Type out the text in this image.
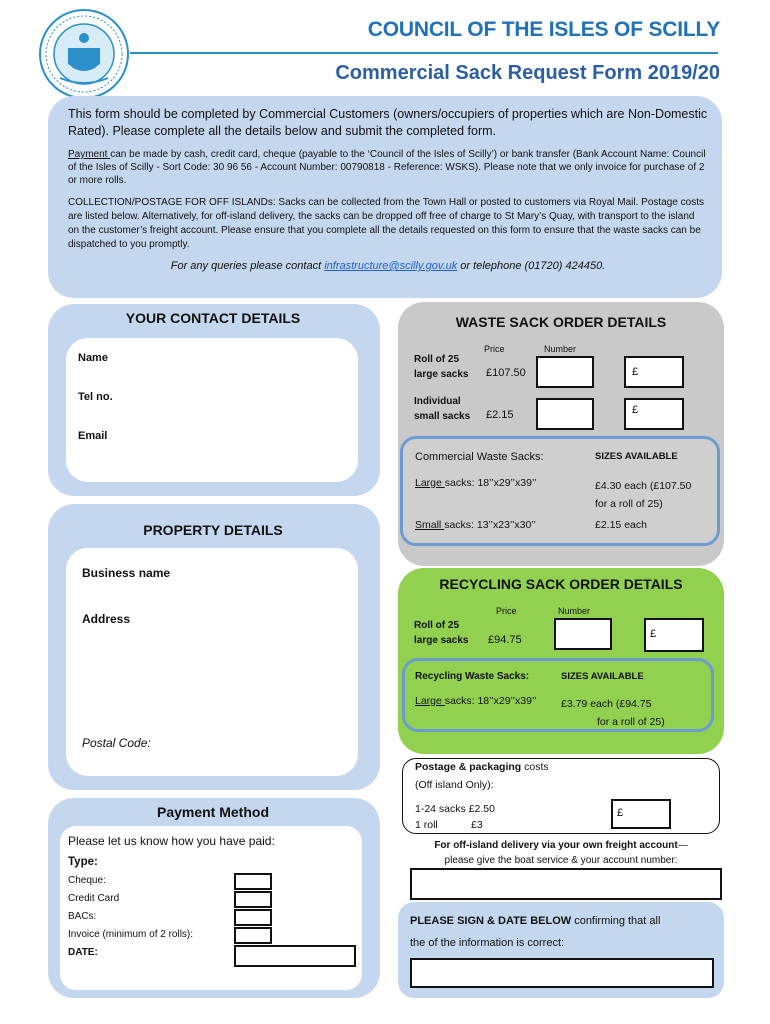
COUNCIL OF THE ISLES OF SCILLY
Commercial Sack Request Form 2019/20
This form should be completed by Commercial Customers (owners/occupiers of properties which are Non-Domestic Rated). Please complete all the details below and submit the completed form.
Payment can be made by cash, credit card, cheque (payable to the ‘Council of the Isles of Scilly’) or bank transfer (Bank Account Name: Council of the Isles of Scilly - Sort Code: 30 96 56 - Account Number: 00790818 - Reference: WSKS). Please note that we only invoice for purchase of 2 or more rolls.
COLLECTION/POSTAGE FOR OFF ISLANDs: Sacks can be collected from the Town Hall or posted to customers via Royal Mail. Postage costs are listed below. Alternatively, for off-island delivery, the sacks can be dropped off free of charge to St Mary’s Quay, with transport to the island on the customer’s freight account. Please ensure that you complete all the details requested on this form to ensure that the waste sacks can be dispatched to you promptly.
For any queries please contact infrastructure@scilly.gov.uk or telephone (01720) 424450.
YOUR CONTACT DETAILS
Name
Tel no.
Email
PROPERTY DETAILS
Business name
Address
Postal Code:
Payment Method
Please let us know how you have paid:
Type:
Cheque:
Credit Card
BACs:
Invoice (minimum of 2 rolls):
DATE:
WASTE SACK ORDER DETAILS
Price	Number
Roll of 25
large sacks £107.50	£
Individual
small sacks £2.15	£
Commercial Waste Sacks:	SIZES AVAILABLE
Large sacks: 18’’x29’’x39’’	£4.30 each (£107.50
for a roll of 25)
Small sacks: 13’’x23’’x30’’	£2.15 each
RECYCLING SACK ORDER DETAILS
Price	Number
Roll of 25
large sacks £94.75	£
Recycling Waste Sacks:	SIZES AVAILABLE
Large sacks: 18’’x29’’x39’’ £3.79 each (£94.75
for a roll of 25)
Postage & packaging costs
(Off island Only):
1-24 sacks £2.50
1 roll	£3
£
For off-island delivery via your own freight account—
please give the boat service & your account number:
PLEASE SIGN & DATE BELOW confirming that all
the of the information is correct:
